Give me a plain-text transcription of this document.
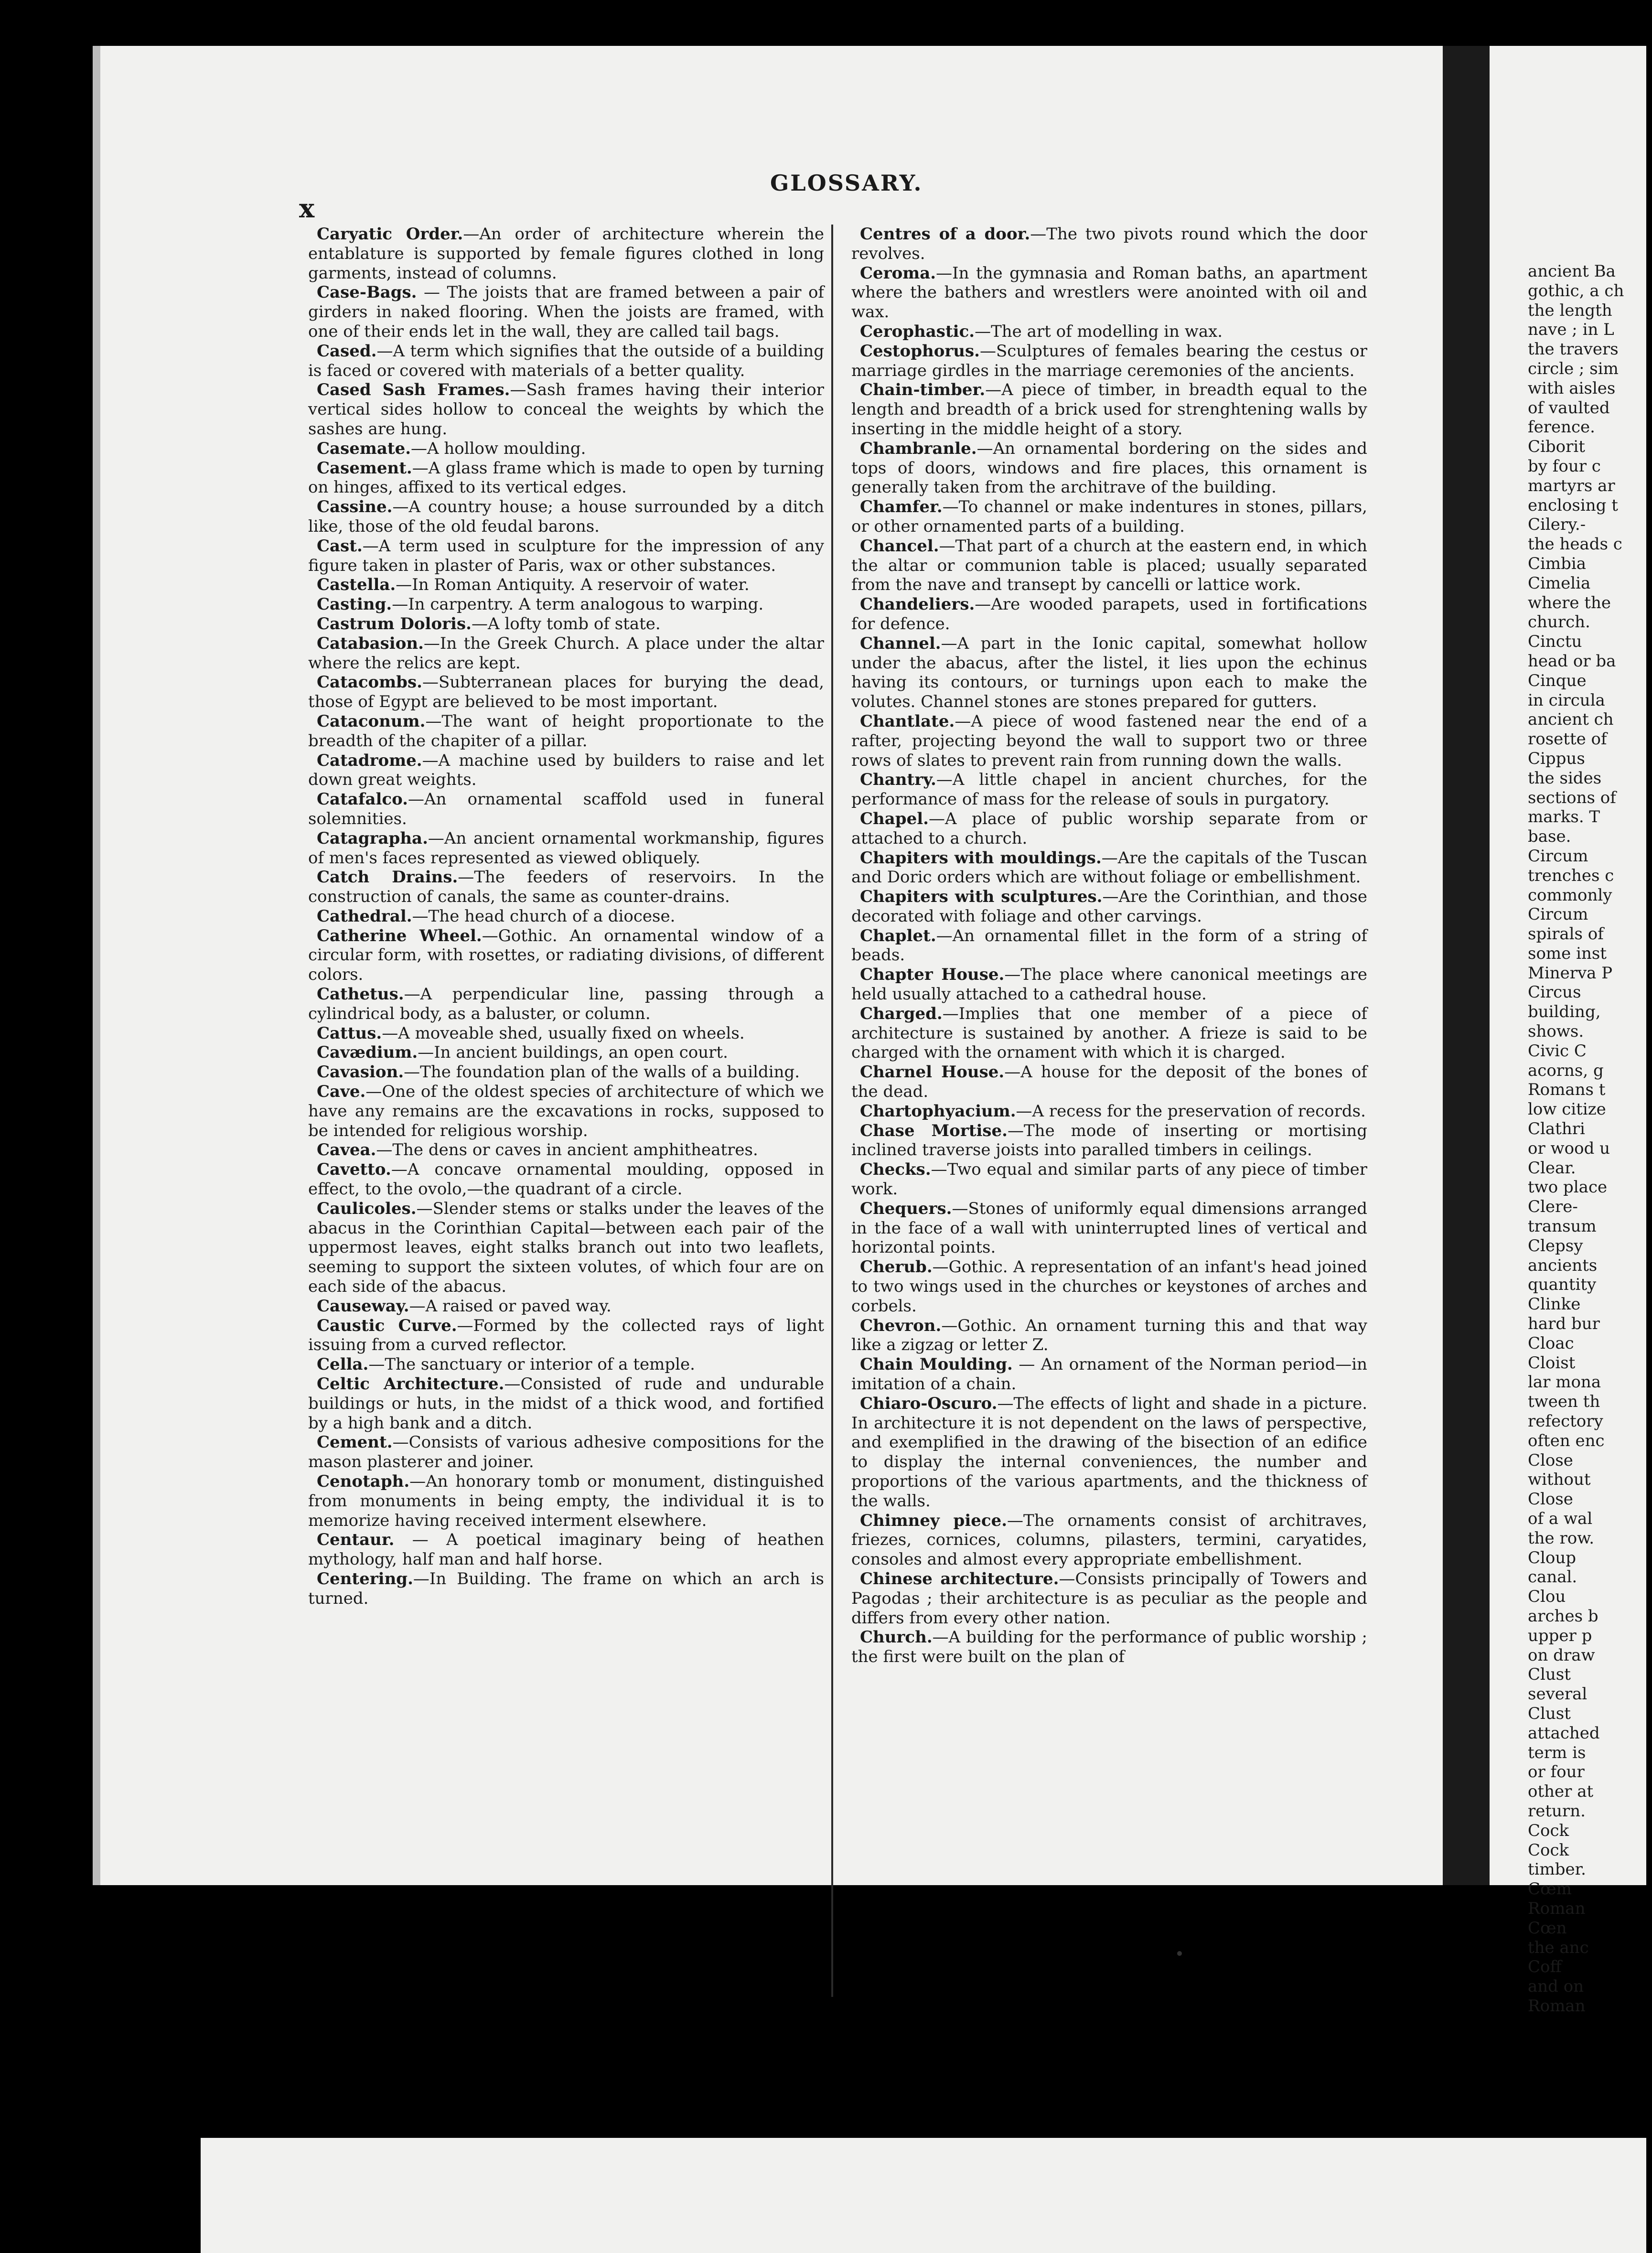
ancient Ba
gothic, a ch
the length
nave ; in L
the travers
circle ; sim
with aisles
of vaulted
ference.
Ciborit
by four c
martyrs ar
enclosing t
Cilery.-
the heads c
Cimbia
Cimelia
where the
church.
Cinctu
head or ba
Cinque
in circula
ancient ch
rosette of
Cippus
the sides
sections of
marks. T
base.
Circum
trenches c
commonly
Circum
spirals of
some inst
Minerva P
Circus
building,
shows.
Civic C
acorns, g
Romans t
low citize
Clathri
or wood u
Clear.
two place
Clere-
transum
Clepsy
ancients
quantity
Clinke
hard bur
Cloac
Cloist
lar mona
tween th
refectory
often enc
Close
without
Close
of a wal
the row.
Cloup
canal.
Clou
arches b
upper p
on draw
Clust
several
Clust
attached
term is
or four
other at
return.
Cock
Cock
timber.
Cœm
Roman
Cœn
the anc
Coff
and on
Roman
x
GLOSSARY.

Caryatic Order.—An order of architecture wherein the entablature is supported by female figures clothed in long garments, instead of columns.

Case-Bags. — The joists that are framed between a pair of girders in naked flooring. When the joists are framed, with one of their ends let in the wall, they are called tail bags.

Cased.—A term which signifies that the outside of a building is faced or covered with materials of a better quality.

Cased Sash Frames.—Sash frames having their interior vertical sides hollow to conceal the weights by which the sashes are hung.

Casemate.—A hollow moulding.

Casement.—A glass frame which is made to open by turning on hinges, affixed to its vertical edges.

Cassine.—A country house; a house surrounded by a ditch like, those of the old feudal barons.

Cast.—A term used in sculpture for the impression of any figure taken in plaster of Paris, wax or other substances.

Castella.—In Roman Antiquity. A reservoir of water.

Casting.—In carpentry. A term analogous to warping.

Castrum Doloris.—A lofty tomb of state.

Catabasion.—In the Greek Church. A place under the altar where the relics are kept.

Catacombs.—Subterranean places for burying the dead, those of Egypt are believed to be most important.

Cataconum.—The want of height proportionate to the breadth of the chapiter of a pillar.

Catadrome.—A machine used by builders to raise and let down great weights.

Catafalco.—An ornamental scaffold used in funeral solemnities.

Catagrapha.—An ancient ornamental workmanship, figures of men's faces represented as viewed obliquely.

Catch Drains.—The feeders of reservoirs. In the construction of canals, the same as counter-drains.

Cathedral.—The head church of a diocese.

Catherine Wheel.—Gothic. An ornamental window of a circular form, with rosettes, or radiating divisions, of different colors.

Cathetus.—A perpendicular line, passing through a cylindrical body, as a baluster, or column.

Cattus.—A moveable shed, usually fixed on wheels.

Cavædium.—In ancient buildings, an open court.

Cavasion.—The foundation plan of the walls of a building.

Cave.—One of the oldest species of architecture of which we have any remains are the excavations in rocks, supposed to be intended for religious worship.

Cavea.—The dens or caves in ancient amphitheatres.

Cavetto.—A concave ornamental moulding, opposed in effect, to the ovolo,—the quadrant of a circle.

Caulicoles.—Slender stems or stalks under the leaves of the abacus in the Corinthian Capital—between each pair of the uppermost leaves, eight stalks branch out into two leaflets, seeming to support the sixteen volutes, of which four are on each side of the abacus.

Causeway.—A raised or paved way.

Caustic Curve.—Formed by the collected rays of light issuing from a curved reflector.

Cella.—The sanctuary or interior of a temple.

Celtic Architecture.—Consisted of rude and undurable buildings or huts, in the midst of a thick wood, and fortified by a high bank and a ditch.

Cement.—Consists of various adhesive compositions for the mason plasterer and joiner.

Cenotaph.—An honorary tomb or monument, distinguished from monuments in being empty, the individual it is to memorize having received interment elsewhere.

Centaur. — A poetical imaginary being of heathen mythology, half man and half horse.

Centering.—In Building. The frame on which an arch is turned.

Centres of a door.—The two pivots round which the door revolves.

Ceroma.—In the gymnasia and Roman baths, an apartment where the bathers and wrestlers were anointed with oil and wax.

Cerophastic.—The art of modelling in wax.

Cestophorus.—Sculptures of females bearing the cestus or marriage girdles in the marriage ceremonies of the ancients.

Chain-timber.—A piece of timber, in breadth equal to the length and breadth of a brick used for strenghtening walls by inserting in the middle height of a story.

Chambranle.—An ornamental bordering on the sides and tops of doors, windows and fire places, this ornament is generally taken from the architrave of the building.

Chamfer.—To channel or make indentures in stones, pillars, or other ornamented parts of a building.

Chancel.—That part of a church at the eastern end, in which the altar or communion table is placed; usually separated from the nave and transept by cancelli or lattice work.

Chandeliers.—Are wooded parapets, used in fortifications for defence.

Channel.—A part in the Ionic capital, somewhat hollow under the abacus, after the listel, it lies upon the echinus having its contours, or turnings upon each to make the volutes. Channel stones are stones prepared for gutters.

Chantlate.—A piece of wood fastened near the end of a rafter, projecting beyond the wall to support two or three rows of slates to prevent rain from running down the walls.

Chantry.—A little chapel in ancient churches, for the performance of mass for the release of souls in purgatory.

Chapel.—A place of public worship separate from or attached to a church.

Chapiters with mouldings.—Are the capitals of the Tuscan and Doric orders which are without foliage or embellishment.

Chapiters with sculptures.—Are the Corinthian, and those decorated with foliage and other carvings.

Chaplet.—An ornamental fillet in the form of a string of beads.

Chapter House.—The place where canonical meetings are held usually attached to a cathedral house.

Charged.—Implies that one member of a piece of architecture is sustained by another. A frieze is said to be charged with the ornament with which it is charged.

Charnel House.—A house for the deposit of the bones of the dead.

Chartophyacium.—A recess for the preservation of records.

Chase Mortise.—The mode of inserting or mortising inclined traverse joists into paralled timbers in ceilings.

Checks.—Two equal and similar parts of any piece of timber work.

Chequers.—Stones of uniformly equal dimensions arranged in the face of a wall with uninterrupted lines of vertical and horizontal points.

Cherub.—Gothic. A representation of an infant's head joined to two wings used in the churches or keystones of arches and corbels.

Chevron.—Gothic. An ornament turning this and that way like a zigzag or letter Z.

Chain Moulding. — An ornament of the Norman period—in imitation of a chain.

Chiaro-Oscuro.—The effects of light and shade in a picture. In architecture it is not dependent on the laws of perspective, and exemplified in the drawing of the bisection of an edifice to display the internal conveniences, the number and proportions of the various apartments, and the thickness of the walls.

Chimney piece.—The ornaments consist of architraves, friezes, cornices, columns, pilasters, termini, caryatides, consoles and almost every appropriate embellishment.

Chinese architecture.—Consists principally of Towers and Pagodas ; their architecture is as peculiar as the people and differs from every other nation.

Church.—A building for the performance of public worship ; the first were built on the plan of
